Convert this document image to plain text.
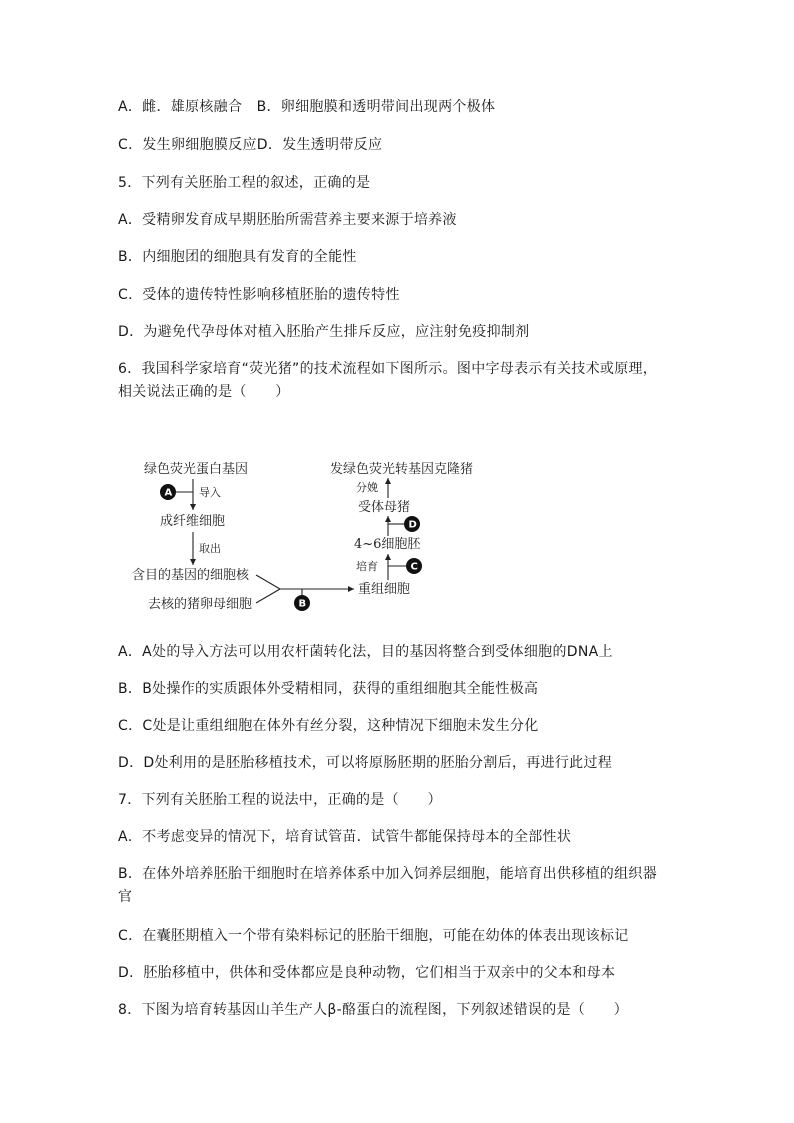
A．雌．雄原核融合　B．卵细胞膜和透明带间出现两个极体
C．发生卵细胞膜反应D．发生透明带反应
5．下列有关胚胎工程的叙述，正确的是
A．受精卵发育成早期胚胎所需营养主要来源于培养液
B．内细胞团的细胞具有发育的全能性
C．受体的遗传特性影响移植胚胎的遗传特性
D．为避免代孕母体对植入胚胎产生排斥反应，应注射免疫抑制剂
6．我国科学家培育“荧光猪”的技术流程如下图所示。图中字母表示有关技术或原理，
相关说法正确的是（　　）
绿色荧光蛋白基因
A 导入
成纤维细胞
取出
含目的基因的细胞核
去核的猪卵母细胞	B
重组细胞
C
培育
4~6细胞胚
D
受体母猪
分娩
发绿色荧光转基因克隆猪
A．A处的导入方法可以用农杆菌转化法，目的基因将整合到受体细胞的DNA上
B．B处操作的实质跟体外受精相同，获得的重组细胞其全能性极高
C．C处是让重组细胞在体外有丝分裂，这种情况下细胞未发生分化
D．D处利用的是胚胎移植技术，可以将原肠胚期的胚胎分割后，再进行此过程
7．下列有关胚胎工程的说法中，正确的是（　　）
A．不考虑变异的情况下，培育试管苗．试管牛都能保持母本的全部性状
B．在体外培养胚胎干细胞时在培养体系中加入饲养层细胞，能培育出供移植的组织器
官
C．在囊胚期植入一个带有染料标记的胚胎干细胞，可能在幼体的体表出现该标记
D．胚胎移植中，供体和受体都应是良种动物，它们相当于双亲中的父本和母本
8．下图为培育转基因山羊生产人β-酪蛋白的流程图，下列叙述错误的是（　　）
